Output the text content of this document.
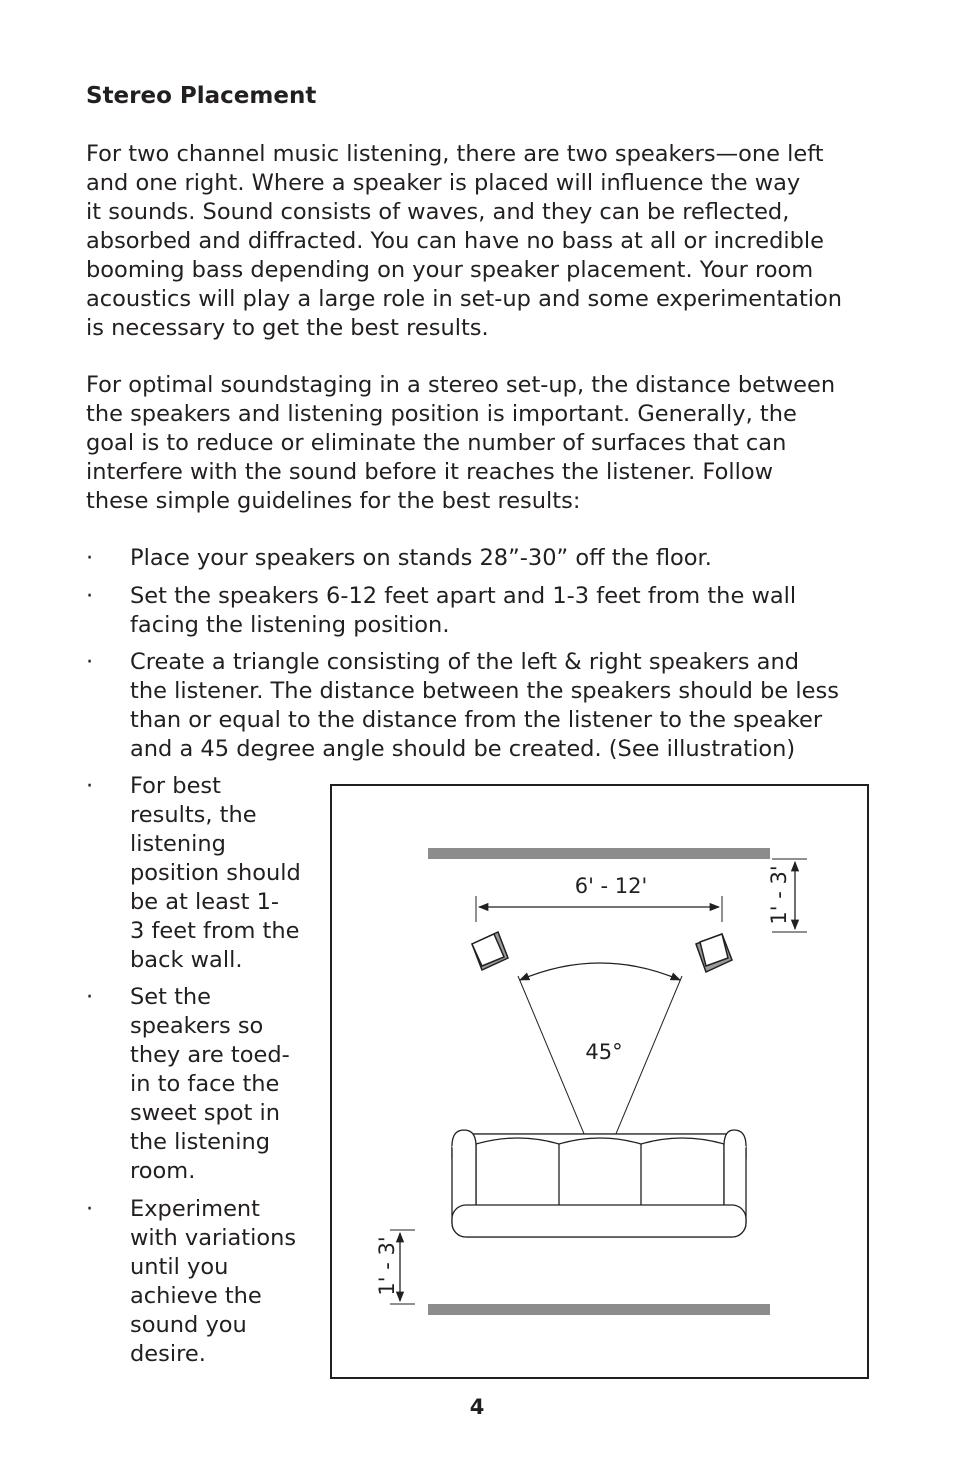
Stereo Placement

For two channel music listening, there are two speakers—one left
and one right. Where a speaker is placed will influence the way
it sounds. Sound consists of waves, and they can be reflected,
absorbed and diffracted. You can have no bass at all or incredible
booming bass depending on your speaker placement. Your room
acoustics will play a large role in set-up and some experimentation
is necessary to get the best results.

For optimal soundstaging in a stereo set-up, the distance between
the speakers and listening position is important. Generally, the
goal is to reduce or eliminate the number of surfaces that can
interfere with the sound before it reaches the listener. Follow
these simple guidelines for the best results:

·	Place your speakers on stands 28”-30” off the floor.
·	Set the speakers 6-12 feet apart and 1-3 feet from the wall
facing the listening position.
·	Create a triangle consisting of the left & right speakers and
the listener. The distance between the speakers should be less
than or equal to the distance from the listener to the speaker
and a 45 degree angle should be created. (See illustration)
·	For best
results, the
listening
position should
be at least 1-
3 feet from the
back wall.
·	Set the
speakers so
they are toed-
in to face the
sweet spot in
the listening
room.
·	Experiment
with variations
until you
achieve the
sound you
desire.
1' - 3'
6' - 12'
45°
1' - 3'
4
